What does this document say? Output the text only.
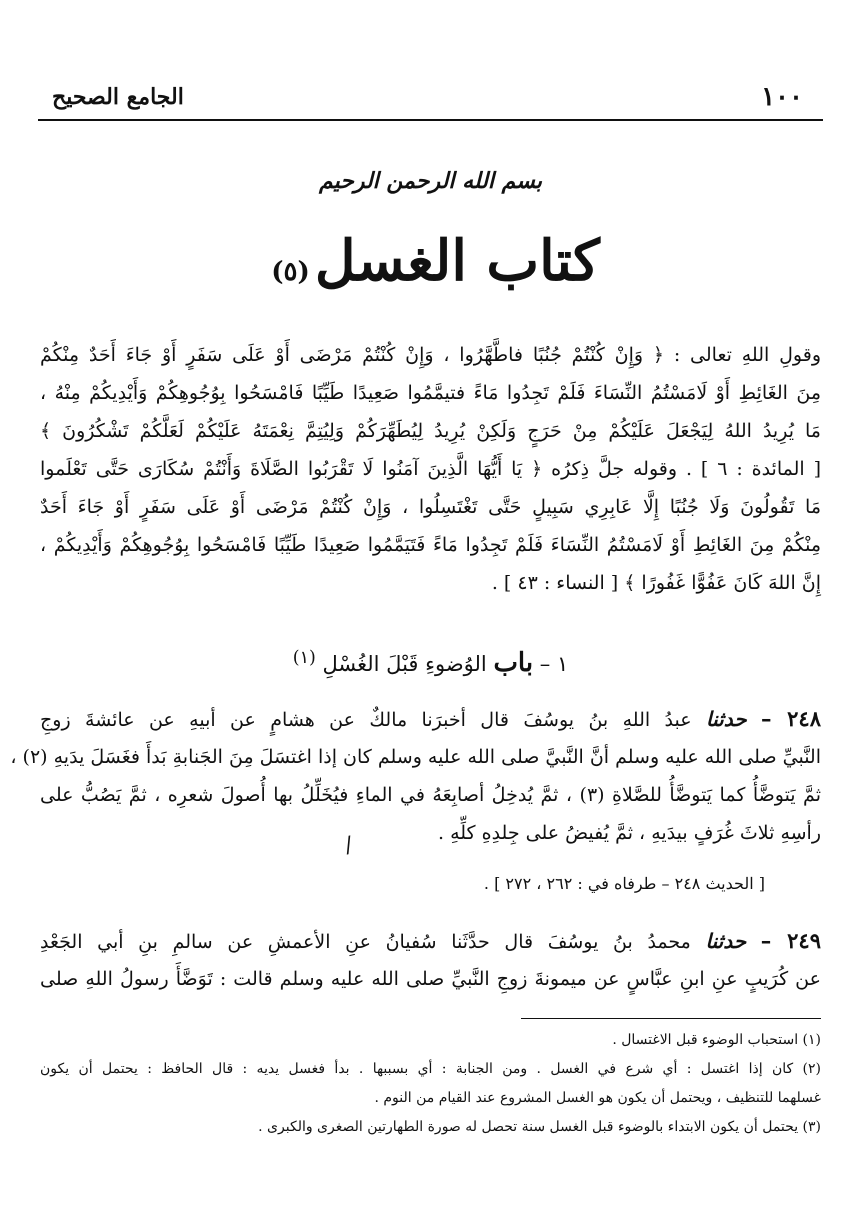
١٠٠
الجامع الصحيح
بسم الله الرحمن الرحيم
كتاب الغسل (٥)
وقولِ اللهِ تعالى : ﴿ وَإِنْ كُنْتُمْ جُنُبًا فاطَّهَّرُوا ، وَإِنْ كُنْتُمْ مَرْضَى أَوْ عَلَى سَفَرٍ أَوْ جَاءَ أَحَدٌ مِنْكُمْ
مِنَ الغَائِطِ أَوْ لَامَسْتُمُ النِّسَاءَ فَلَمْ تَجِدُوا مَاءً فتيمَّمُوا صَعِيدًا طَيِّبًا فَامْسَحُوا بِوُجُوهِكُمْ وَأَيْدِيكُمْ مِنْهُ ،
مَا يُرِيدُ اللهُ لِيَجْعَلَ عَلَيْكُمْ مِنْ حَرَجٍ وَلَكِنْ يُرِيدُ لِيُطَهِّرَكُمْ وَلِيُتِمَّ نِعْمَتَهُ عَلَيْكُمْ لَعَلَّكُمْ تَشْكُرُونَ ﴾
[ المائدة : ٦ ] . وقوله جلَّ ذِكرُه ﴿ يَا أَيُّهَا الَّذِينَ آمَنُوا لَا تَقْرَبُوا الصَّلَاةَ وَأَنْتُمْ سُكَارَى حَتَّى تَعْلَموا
مَا تَقُولُونَ وَلَا جُنُبًا إِلَّا عَابِرِي سَبِيلٍ حَتَّى تَغْتَسِلُوا ، وَإِنْ كُنْتُمْ مَرْضَى أَوْ عَلَى سَفَرٍ أَوْ جَاءَ أَحَدٌ
مِنْكُمْ مِنَ الغَائِطِ أَوْ لَامَسْتُمُ النِّسَاءَ فَلَمْ تَجِدُوا مَاءً فَتَيَمَّمُوا صَعِيدًا طَيِّبًا فَامْسَحُوا بِوُجُوهِكُمْ وَأَيْدِيكُمْ ،
إِنَّ اللهَ كَانَ عَفُوًّا غَفُورًا ﴾ [ النساء : ٤٣ ] .
١ – باب الوُضوءِ قَبْلَ الغُسْلِ $^{(١)}$
٢٤٨ – حدثنا عبدُ اللهِ بنُ يوسُفَ قال أخبرَنا مالكٌ عن هشامٍ عن أبيهِ عن عائشةَ زوجِ
النَّبيِّ صلى الله عليه وسلم أنَّ النَّبيَّ صلى الله عليه وسلم كان إذا اغتسَلَ مِنَ الجَنابةِ بَدأَ فغَسَلَ يدَيهِ (٢) ،
ثمَّ يَتوضَّأُ كما يَتوضَّأُ للصَّلاةِ (٣) ، ثمَّ يُدخِلُ أصابِعَهُ في الماءِ فيُخَلِّلُ بها أُصولَ شعرِه ، ثمَّ يَصُبُّ على
رأسِهِ ثلاثَ غُرَفٍ بيدَيهِ ، ثمَّ يُفيضُ على جِلدِهِ كلِّهِ .
/
[ الحديث ٢٤٨ – طرفاه في : ٢٦٢ ، ٢٧٢ ] .
٢٤٩ – حدثنا محمدُ بنُ يوسُفَ قال حدَّثَنا سُفيانُ عنِ الأعمشِ عن سالمِ بنِ أبي الجَعْدِ
عن كُرَيبٍ عنِ ابنِ عبَّاسٍ عن ميمونةَ زوجِ النَّبيِّ صلى الله عليه وسلم قالت : تَوَضَّأَ رسولُ اللهِ صلى
(١) استحباب الوضوء قبل الاغتسال .
(٢) كان إذا اغتسل : أي شرع في الغسل . ومن الجنابة : أي بسببها . بدأ فغسل يديه : قال الحافظ : يحتمل أن يكون
غسلهما للتنظيف ، ويحتمل أن يكون هو الغسل المشروع عند القيام من النوم .
(٣) يحتمل أن يكون الابتداء بالوضوء قبل الغسل سنة تحصل له صورة الطهارتين الصغرى والكبرى .
